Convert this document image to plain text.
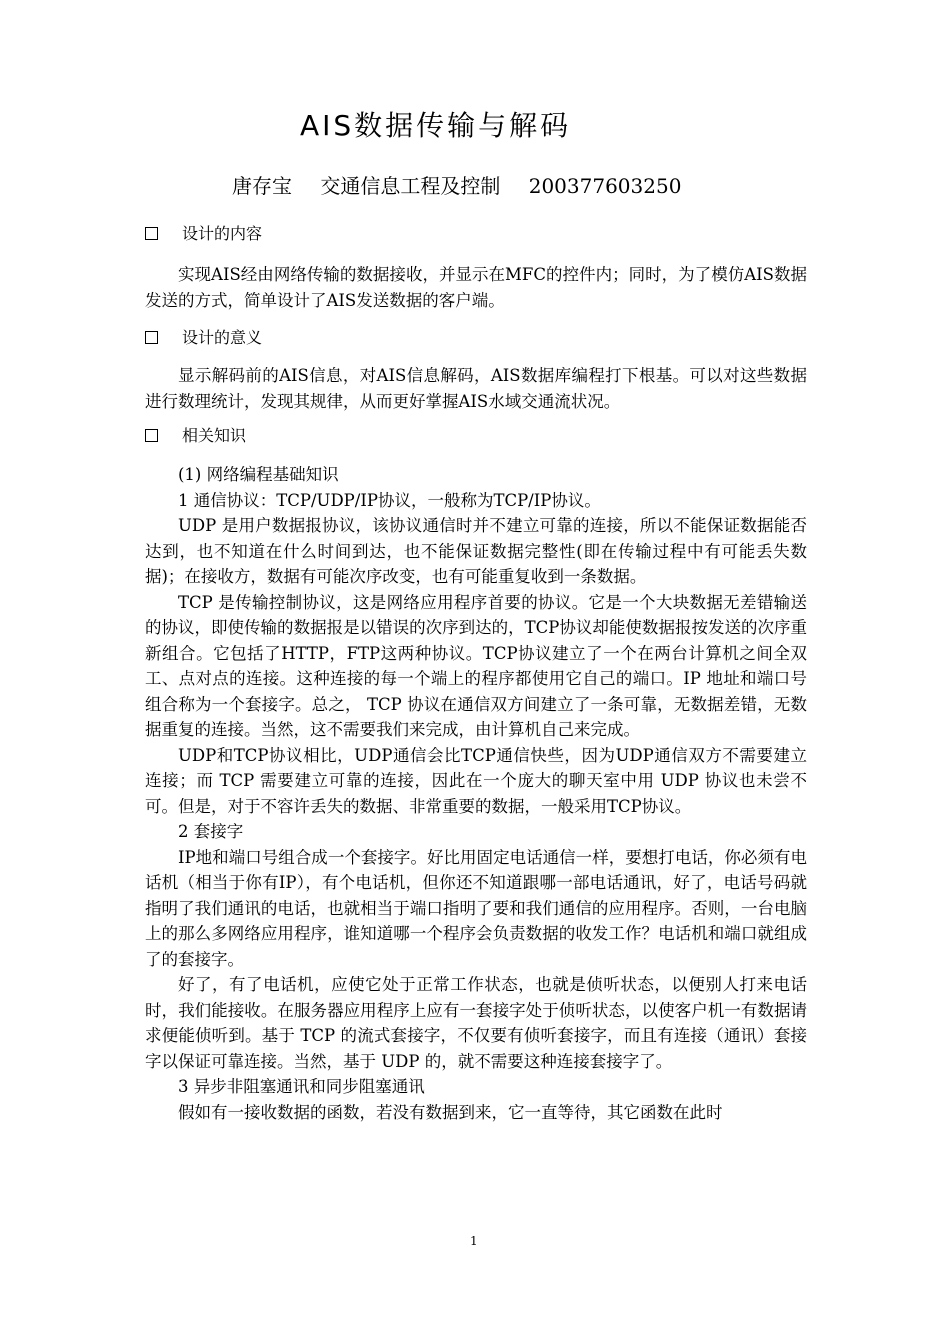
AIS数据传输与解码
唐存宝 交通信息工程及控制 200377603250
设计的内容

实现AIS经由网络传输的数据接收，并显示在MFC的控件内；同时，为了模仿AIS数据发送的方式，简单设计了AIS发送数据的客户端。

设计的意义

显示解码前的AIS信息，对AIS信息解码，AIS数据库编程打下根基。可以对这些数据进行数理统计，发现其规律，从而更好掌握AIS水域交通流状况。

相关知识

(1) 网络编程基础知识

1 通信协议：TCP/UDP/IP协议，一般称为TCP/IP协议。

UDP 是用户数据报协议，该协议通信时并不建立可靠的连接，所以不能保证数据能否达到，也不知道在什么时间到达，也不能保证数据完整性(即在传输过程中有可能丢失数据)；在接收方，数据有可能次序改变，也有可能重复收到一条数据。

TCP 是传输控制协议，这是网络应用程序首要的协议。它是一个大块数据无差错输送的协议，即使传输的数据报是以错误的次序到达的，TCP协议却能使数据报按发送的次序重新组合。它包括了HTTP，FTP这两种协议。TCP协议建立了一个在两台计算机之间全双工、点对点的连接。这种连接的每一个端上的程序都使用它自己的端口。IP 地址和端口号组合称为一个套接字。总之， TCP 协议在通信双方间建立了一条可靠，无数据差错，无数据重复的连接。当然，这不需要我们来完成，由计算机自己来完成。

UDP和TCP协议相比，UDP通信会比TCP通信快些，因为UDP通信双方不需要建立连接；而 TCP 需要建立可靠的连接，因此在一个庞大的聊天室中用 UDP 协议也未尝不可。但是，对于不容许丢失的数据、非常重要的数据，一般采用TCP协议。

2 套接字

IP地和端口号组合成一个套接字。好比用固定电话通信一样，要想打电话，你必须有电话机（相当于你有IP），有个电话机，但你还不知道跟哪一部电话通讯，好了，电话号码就指明了我们通讯的电话，也就相当于端口指明了要和我们通信的应用程序。否则，一台电脑上的那么多网络应用程序，谁知道哪一个程序会负责数据的收发工作？电话机和端口就组成了的套接字。

好了，有了电话机，应使它处于正常工作状态，也就是侦听状态，以便别人打来电话时，我们能接收。在服务器应用程序上应有一套接字处于侦听状态，以使客户机一有数据请求便能侦听到。基于 TCP 的流式套接字，不仅要有侦听套接字，而且有连接（通讯）套接字以保证可靠连接。当然，基于 UDP 的，就不需要这种连接套接字了。

3 异步非阻塞通讯和同步阻塞通讯

假如有一接收数据的函数，若没有数据到来，它一直等待，其它函数在此时

1
